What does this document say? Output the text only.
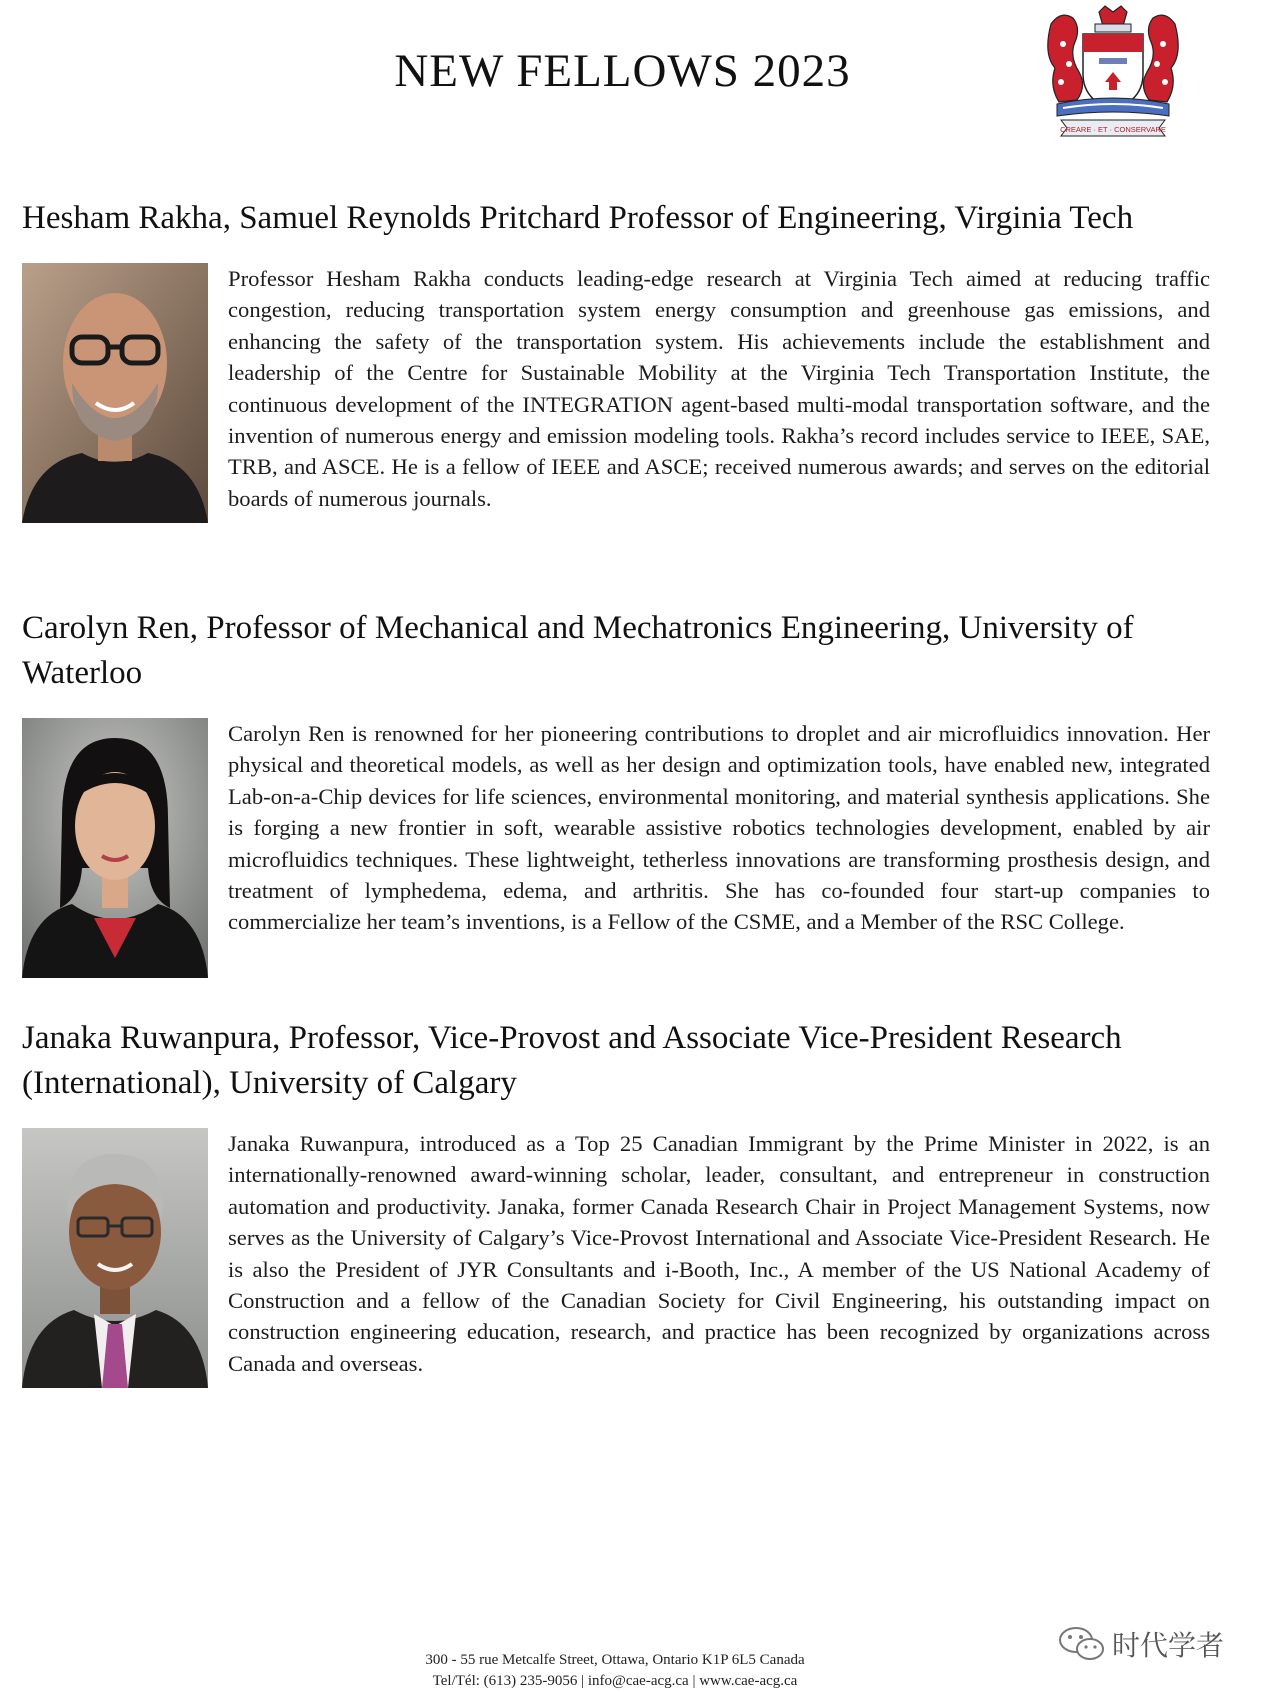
NEW FELLOWS 2023
CREARE · ET · CONSERVARE
Hesham Rakha, Samuel Reynolds Pritchard Professor of Engineering, Virginia Tech

Professor Hesham Rakha conducts leading-edge research at Virginia Tech aimed at reducing traffic congestion, reducing transportation system energy consumption and greenhouse gas emissions, and enhancing the safety of the transportation system. His achievements include the establishment and leadership of the Centre for Sustainable Mobility at the Virginia Tech Transportation Institute, the continuous development of the INTEGRATION agent-based multi-modal transportation software, and the invention of numerous energy and emission modeling tools. Rakha’s record includes service to IEEE, SAE, TRB, and ASCE. He is a fellow of IEEE and ASCE; received numerous awards; and serves on the editorial boards of numerous journals.

Carolyn Ren, Professor of Mechanical and Mechatronics Engineering, University of Waterloo

Carolyn Ren is renowned for her pioneering contributions to droplet and air microfluidics innovation. Her physical and theoretical models, as well as her design and optimization tools, have enabled new, integrated Lab-on-a-Chip devices for life sciences, environmental monitoring, and material synthesis applications. She is forging a new frontier in soft, wearable assistive robotics technologies development, enabled by air microfluidics techniques. These lightweight, tetherless innovations are transforming prosthesis design, and treatment of lymphedema, edema, and arthritis. She has co-founded four start-up companies to commercialize her team’s inventions, is a Fellow of the CSME, and a Member of the RSC College.

Janaka Ruwanpura, Professor, Vice-Provost and Associate Vice-President Research (International), University of Calgary

Janaka Ruwanpura, introduced as a Top 25 Canadian Immigrant by the Prime Minister in 2022, is an internationally-renowned award-winning scholar, leader, consultant, and entrepreneur in construction automation and productivity. Janaka, former Canada Research Chair in Project Management Systems, now serves as the University of Calgary’s Vice-Provost International and Associate Vice-President Research. He is also the President of JYR Consultants and i-Booth, Inc., A member of the US National Academy of Construction and a fellow of the Canadian Society for Civil Engineering, his outstanding impact on construction engineering education, research, and practice has been recognized by organizations across Canada and overseas.

时代学者
300 - 55 rue Metcalfe Street, Ottawa, Ontario K1P 6L5 Canada
Tel/Tél: (613) 235-9056 | info@cae-acg.ca | www.cae-acg.ca
